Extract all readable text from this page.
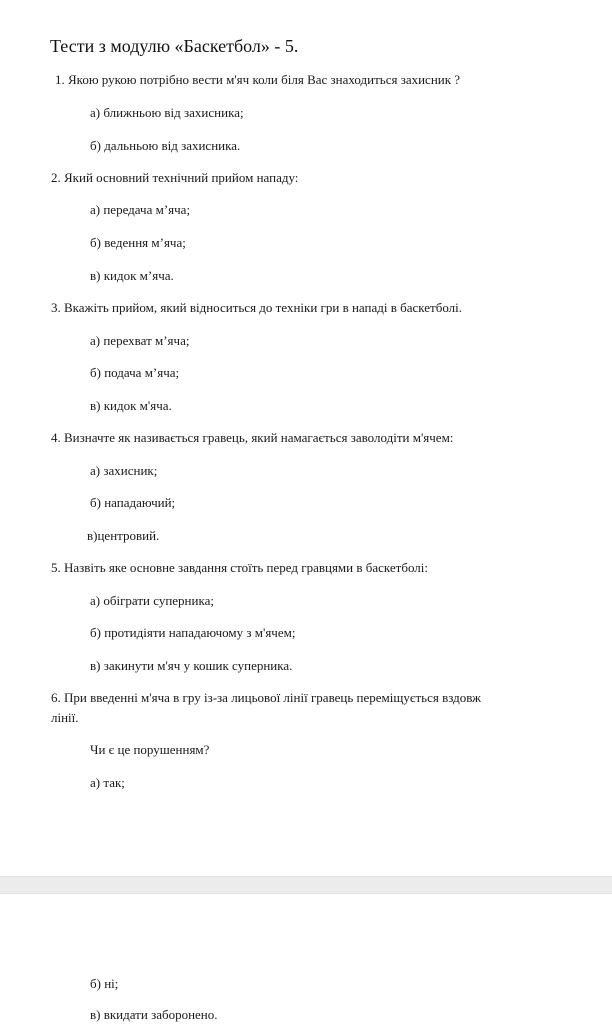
Тести з модулю «Баскетбол» - 5.
1. Якою рукою потрібно вести м'яч коли біля Вас знаходиться захисник ?
а) ближньою від захисника;
б) дальньою від захисника.
2. Який основний технічний прийом нападу:
а) передача м’яча;
б) ведення м’яча;
в) кидок м’яча.
3. Вкажіть прийом, який відноситься до техніки гри в нападі в баскетболі.
а) перехват м’яча;
б) подача м’яча;
в) кидок м'яча.
4. Визначте як називається гравець, який намагається заволодіти м'ячем:
а) захисник;
б) нападаючий;
в)центровий.
5. Назвіть яке основне завдання стоїть перед гравцями в баскетболі:
а) обіграти суперника;
б) протидіяти нападаючому з м'ячем;
в) закинути м'яч у кошик суперника.
6. При введенні м'яча в гру із-за лицьової лінії гравець переміщується вздовж
лінії.
Чи є це порушенням?
а) так;
б) ні;
в) вкидати заборонено.
